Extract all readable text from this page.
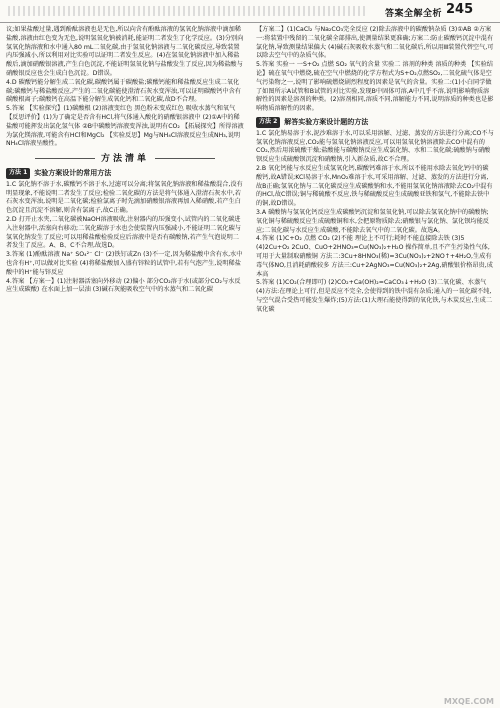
答案全解全析 245

议;如果盐酸过量,遇到酚酞溶液也是无色,所以向含有酚酞溶液的氢氧化钠溶液中滴加稀盐酸,溶液由红色变为无色,说明氢氧化钠被消耗,能证明二者发生了化学反应。(3)分别向氢氧化钠溶液和水中通入80 mL二氧化碳,由于氢氧化钠溶液与二氧化碳反应,导致装置内压强减小,所以利用对比实验可以证明二者发生反应。(4)在氢氧化钠溶液中加入稀盐酸后,滴加硝酸银溶液,产生白色沉淀,不能证明氢氧化钠与盐酸发生了反应,因为稀盐酸与硝酸银反应也会生成白色沉淀。D错误。

4.D 碳酸钙能分解生成二氧化碳,碳酸钙属于碳酸盐;碳酸钙能和稀盐酸反应生成二氧化碳;碳酸钙与稀盐酸反应,产生的二氧化碳能使澄清石灰水变浑浊,可以证明碳酸钙中含有碳酸根离子;碳酸钙在高温下能分解生成氧化钙和二氧化碳,故D不合理。

5.答案 【实验探究】(1)碳酸根 (2)溶液变红色 黑色粉末变成红色 吸收水蒸气和氧气 【反思评价】(1)为了确定是否含有HCl,将气体通入酸化的硝酸银溶液中 (2)①A中的稀盐酸可能挥发出氯化氢气体 ②B中碳酸钙溶液变浑浊,说明有CO₂ 【拓展探究】所得溶液为氯化镁溶液,可能含有HCl和MgCl₂ 【实验反思】Mg与NH₄Cl溶液反应生成NH₃,说明NH₄Cl溶液呈酸性。

方法清单
方法 1	实验方案设计的常用方法

1.C 氯化钠不溶于水,碳酸钙不溶于水,过滤可以分离;将氢氧化钠溶液和稀盐酸混合,没有明显现象,不能说明二者发生了反应;检验二氧化碳的方法是将气体通入澄清石灰水中,若石灰水变浑浊,说明是二氧化碳;检验氯离子时先滴加硝酸银溶液再加入稀硝酸,若产生白色沉淀且沉淀不溶解,则含有氯离子,故C正确。

2.D 打开止水夹,二氧化碳被NaOH溶液吸收,注射器内的压强变小,试管内的二氧化碳进入注射器中,活塞向右移动;二氧化碳溶于水也会使装置内压强减小,不能证明二氧化碳与氢氧化钠发生了反应;可以用稀盐酸检验反应后溶液中是否有碳酸钠,若产生气泡说明二者发生了反应。A、B、C不合理,故选D。

3.答案 (1)酚酞溶液 Na⁺ SO₄²⁻ Cl⁻ (2)铁钉或Zn (3)不一定,因为稀盐酸中含有水,水中也含有H⁺,可以做对比实验 (4)将稀盐酸加入盛有锌粒的试管中,若有气泡产生,说明稀盐酸中的H⁺能与锌反应

4.答案 【方案一】(1)注射器活塞向外移动 (2)偏小 部分CO₂溶于水(或部分CO₂与水反应生成碳酸) 在水面上加一层油 (3)碱石灰能吸收空气中的水蒸气和二氧化碳

【方案二】(1)CaCl₂ 与Na₂CO₃完全反应 (2)除去溶液中的碳酸钠杂质 (3)①AB ②方案一:将装置中残留的二氧化碳全部排出,使测量结果更准确;方案二:防止碳酸钙沉淀中混有氯化钠,导致测量结果偏大 (4)碱石灰吸收水蒸气和二氧化碳后,所以用Ⅲ装置代替空气,可以除去空气中的杂质气体。

5.答案 实验一 一S+O₂ 点燃 SO₂ 氧气的含量 实验二 溶剂的种类 溶质的种类 【实验结论】硫在氧气中燃烧,硫在空气中燃烧的化学方程式为S+O₂点燃SO₂,二氧化硫气体是空气污染物之一,说明了影响硫燃烧剧烈程度的因素是氧气的含量。实验二:(1)小白同学做了如图所示A试管和B试管的对比实验,发现B中固体可溶,A中几乎不溶,说明影响物质溶解性的因素是溶剂的种类。(2)溶剂相同,溶质不同,溶解能力不同,说明溶质的种类也是影响物质溶解性的因素。

方法 2	解答实验方案设计题的方法

1.C 氯化钠易溶于水,泥沙难溶于水,可以采用溶解、过滤、蒸发的方法进行分离;CO不与氢氧化钠溶液反应,CO₂能与氢氧化钠溶液反应,可以用氢氧化钠溶液除去CO中混有的CO₂,然后用浓硫酸干燥;盐酸能与碳酸钠反应生成氯化钠、水和二氧化碳;硫酸钠与硝酸钡反应生成硫酸钡沉淀和硝酸钠,引入新杂质,故C不合理。

2.B 氧化钙能与水反应生成氢氧化钙,碳酸钙难溶于水,所以不能用水除去氧化钙中的碳酸钙,故A错误;KCl易溶于水,MnO₂难溶于水,可采用溶解、过滤、蒸发的方法进行分离,故B正确;氢氧化钠与二氧化碳反应生成碳酸钠和水,不能用氢氧化钠溶液除去CO₂中混有的HCl,故C错误;铜与稀硫酸不反应,铁与稀硫酸反应生成硫酸亚铁和氢气,不能除去铁中的铜,故D错误。

3.A 碳酸钠与氢氧化钙反应生成碳酸钙沉淀和氢氧化钠,可以除去氢氧化钠中的碳酸钠;氧化铜与稀硫酸反应生成硫酸铜和水,会把原物质除去;硝酸银与氯化钠、氯化钡均能反应;二氧化碳与水反应生成碳酸,不能除去氧气中的二氧化碳。故选A。

4.答案 (1)C+O₂ 点燃 CO₂ (2)不能 理论上不可行;耗时不能直接除去铁 (3)5 (4)2Cu+O₂ 2CuO、CuO+2HNO₃=Cu(NO₃)₂+H₂O 操作简单,且不产生污染性气体,可用于大量制取硝酸铜 方法二:3Cu+8HNO₃(稀)=3Cu(NO₃)₂+2NO↑+4H₂O,生成有毒气体NO,且消耗硝酸较多 方法三:Cu+2AgNO₃=Cu(NO₃)₂+2Ag,硝酸银价格昂贵,成本高

5.答案 (1)CO₂(合理即可) (2)CO₂+Ca(OH)₂=CaCO₃↓+H₂O (3)二氧化碳、水蒸气 (4)方法:在理论上可行,但是反应不完全,会使得到的铁中混有杂质;通入的一氧化碳不纯,与空气混合受热可能发生爆炸;(5)方法:(1)大理石能使得到的氧化铁,与木炭反应,生成二氧化碳

MXQE.COM
